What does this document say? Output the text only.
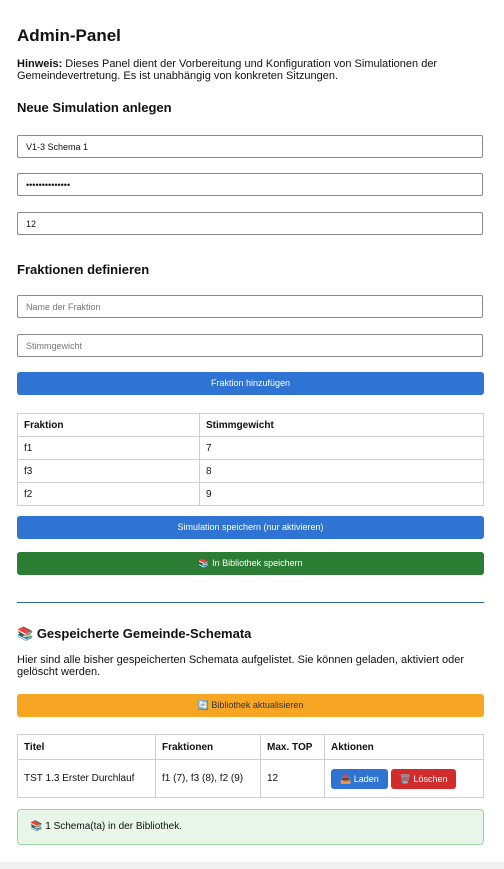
Admin-Panel
Hinweis: Dieses Panel dient der Vorbereitung und Konfiguration von Simulationen der Gemeindevertretung. Es ist unabhängig von konkreten Sitzungen.
Neue Simulation anlegen
V1-3 Schema 1
12
Fraktionen definieren
Name der Fraktion
Stimmgewicht
Fraktion hinzufügen
Fraktion	Stimmgewicht
f1	7
f3	8
f2	9
Simulation speichern (nur aktivieren)
📚 In Bibliothek speichern
📚 Gespeicherte Gemeinde-Schemata
Hier sind alle bisher gespeicherten Schemata aufgelistet. Sie können geladen, aktiviert oder gelöscht werden.
🔄 Bibliothek aktualisieren
Titel	Fraktionen	Max. TOP	Aktionen
TST 1.3 Erster Durchlauf	f1 (7), f3 (8), f2 (9)	12	📥 Laden 🗑️ Löschen
📚 1 Schema(ta) in der Bibliothek.
